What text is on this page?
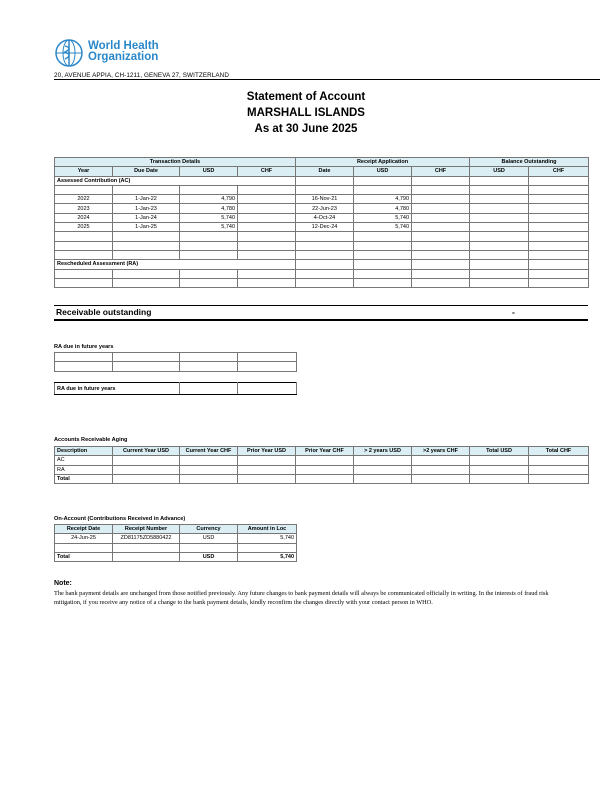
World Health
Organization
20, AVENUE APPIA, CH-1211, GENEVA 27, SWITZERLAND
Statement of Account
MARSHALL ISLANDS
As at 30 June 2025
Transaction Details				Receipt Application			Balance Outstanding	
Year	Due Date	USD	CHF	Date	USD	CHF	USD	CHF
Assessed Contribution (AC)								

2022	1-Jan-22	4,790		16-Nov-21	4,790			
2023	1-Jan-23	4,780		22-Jun-23	4,780			
2024	1-Jan-24	5,740		4-Oct-24	5,740			
2025	1-Jan-25	5,740		12-Dec-24	5,740			

Rescheduled Assessment (RA)								

Receivable outstanding	-
RA due in future years

RA due in future years		
Accounts Receivable Aging
Description	Current Year USD	Current Year CHF	Prior Year USD	Prior Year CHF	> 2 years USD	>2 years CHF	Total USD	Total CHF
AC								
RA								
Total								
On-Account (Contributions Received in Advance)
Receipt Date	Receipt Number	Currency	Amount in Loc
24-Jun-25	ZD81175ZD5880422	USD	5,740

Total		USD	5,740
Note:
The bank payment details are unchanged from those notified previously. Any future changes to bank payment details will always be communicated officially in writing. In the interests of fraud risk mitigation, if you receive any notice of a change to the bank payment details, kindly reconfirm the changes directly with your contact person in WHO.
